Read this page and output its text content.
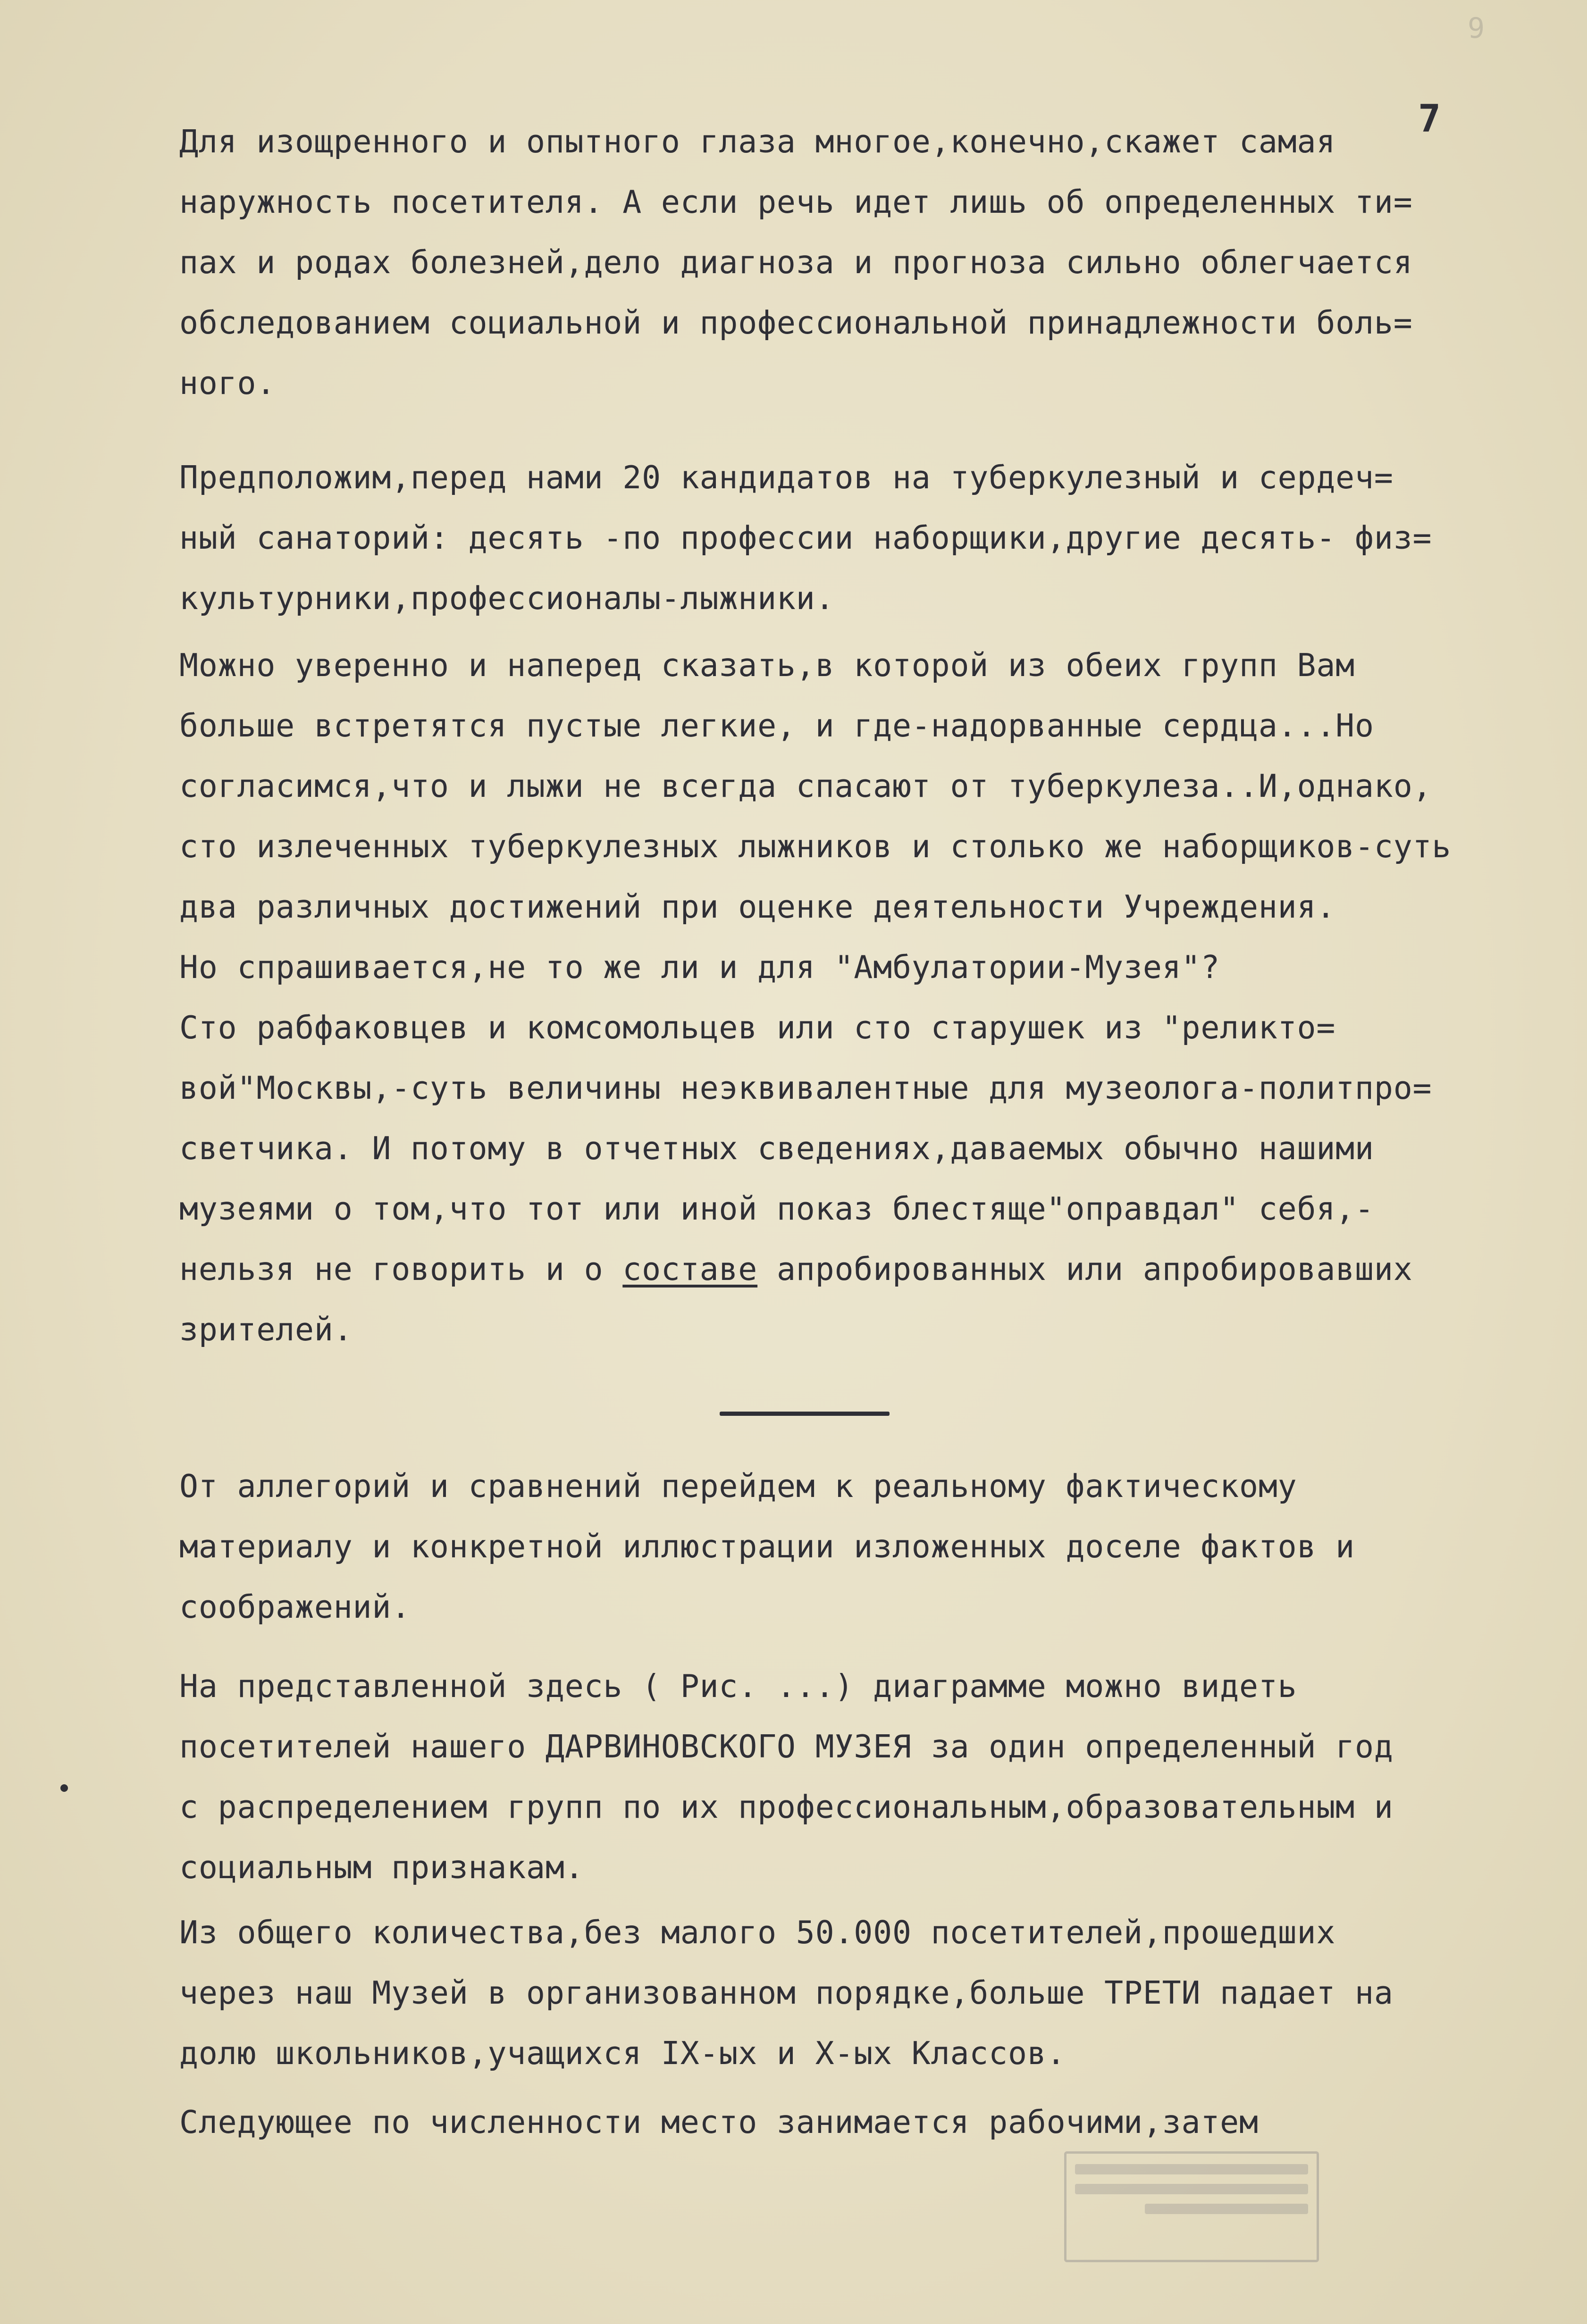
9
7
Для изощренного и опытного глаза многое,конечно,скажет самая
наружность посетителя. А если речь идет лишь об определенных ти=
пах и родах болезней,дело диагноза и прогноза сильно облегчается
обследованием социальной и профессиональной принадлежности боль=
ного.
Предположим,перед нами 20 кандидатов на туберкулезный и сердеч=
ный санаторий: десять -по профессии наборщики,другие десять- физ=
культурники,профессионалы-лыжники.
Можно уверенно и наперед сказать,в которой из обеих групп Вам
больше встретятся пустые легкие, и где-надорванные сердца...Но
согласимся,что и лыжи не всегда спасают от туберкулеза..И,однако,
сто излеченных туберкулезных лыжников и столько же наборщиков-суть
два различных достижений при оценке деятельности Учреждения.
Но спрашивается,не то же ли и для "Амбулатории-Музея"?
Сто рабфаковцев и комсомольцев или сто старушек из "реликто=
вой"Москвы,-суть величины неэквивалентные для музеолога-политпро=
светчика. И потому в отчетных сведениях,даваемых обычно нашими
музеями о том,что тот или иной показ блестяще"оправдал" себя,-
нельзя не говорить и о составе апробированных или апробировавших
зрителей.
От аллегорий и сравнений перейдем к реальному фактическому
материалу и конкретной иллюстрации изложенных доселе фактов и
соображений.
На представленной здесь ( Рис. ...) диаграмме можно видеть
посетителей нашего ДАРВИНОВСКОГО МУЗЕЯ за один определенный год
с распределением групп по их профессиональным,образовательным и
социальным признакам.
Из общего количества,без малого 50.000 посетителей,прошедших
через наш Музей в организованном порядке,больше ТРЕТИ падает на
долю школьников,учащихся IX-ых и X-ых Классов.
Следующее по численности место занимается рабочими,затем
